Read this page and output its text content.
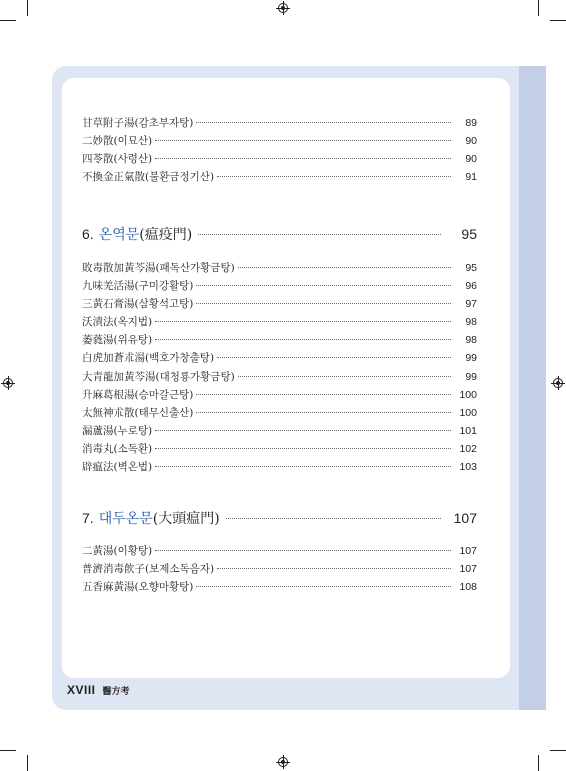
甘草附子湯(감초부자탕)	89
二妙散(이묘산)	90
四苓散(사령산)	90
不換金正氣散(불환금정기산)	91
6. 온역문 (瘟疫門)	95
敗毒散加黃芩湯(패독산가황금탕)	95
九味羌活湯(구미강활탕)	96
三黃石膏湯(삼황석고탕)	97
沃漬法(옥지법)	98
萎蕤湯(위유탕)	98
白虎加蒼朮湯(백호가창출탕)	99
大青龍加黃芩湯(대청룡가황금탕)	99
升麻葛根湯(승마갈근탕)	100
太無神朮散(태무신출산)	100
漏蘆湯(누로탕)	101
消毒丸(소독환)	102
辟瘟法(벽온법)	103
7. 대두온문 (大頭瘟門)	107
二黃湯(이황탕)	107
普濟消毒飮子(보제소독음자)	107
五香麻黃湯(오향마황탕)	108
XVIII 醫方考
